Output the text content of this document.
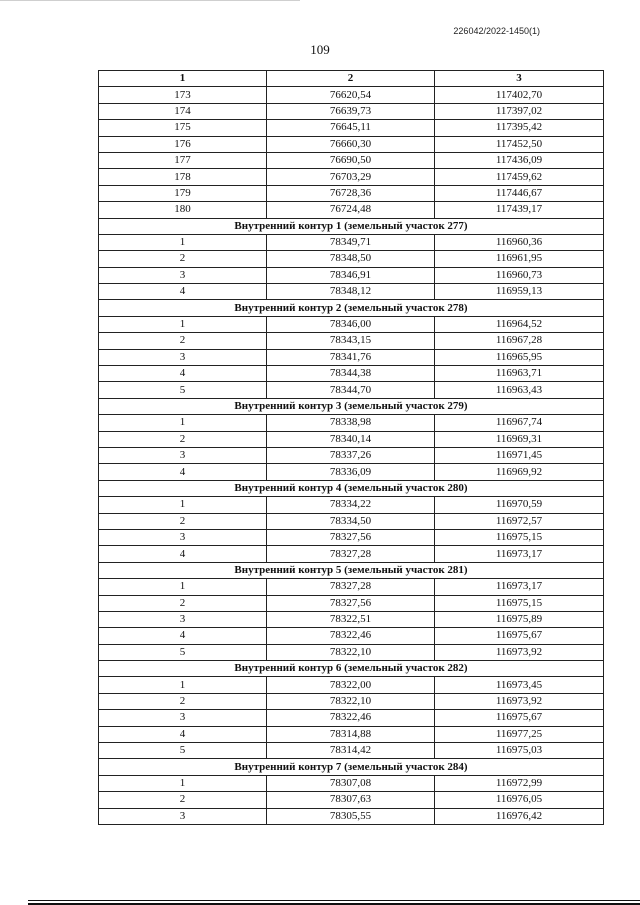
226042/2022-1450(1)
109
1	2	3
173	76620,54	117402,70
174	76639,73	117397,02
175	76645,11	117395,42
176	76660,30	117452,50
177	76690,50	117436,09
178	76703,29	117459,62
179	76728,36	117446,67
180	76724,48	117439,17
Внутренний контур 1 (земельный участок 277)		
1	78349,71	116960,36
2	78348,50	116961,95
3	78346,91	116960,73
4	78348,12	116959,13
Внутренний контур 2 (земельный участок 278)		
1	78346,00	116964,52
2	78343,15	116967,28
3	78341,76	116965,95
4	78344,38	116963,71
5	78344,70	116963,43
Внутренний контур 3 (земельный участок 279)		
1	78338,98	116967,74
2	78340,14	116969,31
3	78337,26	116971,45
4	78336,09	116969,92
Внутренний контур 4 (земельный участок 280)		
1	78334,22	116970,59
2	78334,50	116972,57
3	78327,56	116975,15
4	78327,28	116973,17
Внутренний контур 5 (земельный участок 281)		
1	78327,28	116973,17
2	78327,56	116975,15
3	78322,51	116975,89
4	78322,46	116975,67
5	78322,10	116973,92
Внутренний контур 6 (земельный участок 282)		
1	78322,00	116973,45
2	78322,10	116973,92
3	78322,46	116975,67
4	78314,88	116977,25
5	78314,42	116975,03
Внутренний контур 7 (земельный участок 284)		
1	78307,08	116972,99
2	78307,63	116976,05
3	78305,55	116976,42
